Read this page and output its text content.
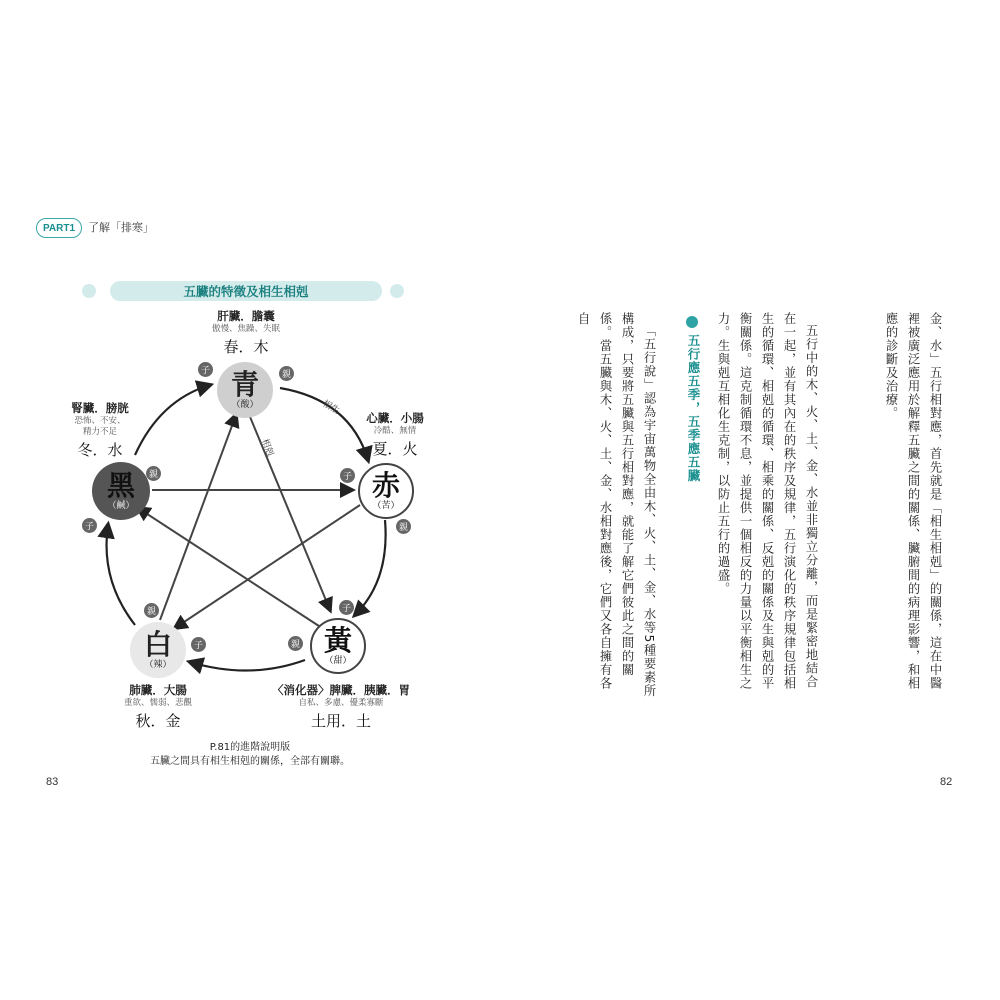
PART1	了解「排寒」
五臟的特徵及相生相剋
相生
相剋
肝臟．膽囊
傲慢、焦躁、失眠
春．木
青
（酸）
子	親
心臟．小腸
冷酷、無情
夏．火
赤
（苦）
子
親
黃
（甜）
子
親
〈消化器〉脾臟．胰臟．胃
自私、多慮、優柔寡斷
土用．土
白
（辣）
親
子
肺臟．大腸
重欲、懦弱、悲觀
秋．金
腎臟．膀胱
恐怖、不安、
精力不足
冬．水
黑
（鹹）
親
子
P.81的進階說明版
五臟之間具有相生相剋的關係，全部有關聯。
83
金、水」五行相對應，首先就是「相生相剋」的關係，這在中醫裡被廣泛應用於解釋五臟之間的關係、臟腑間的病理影響，和相應的診斷及治療。
五行中的木、火、土、金、水並非獨立分離，而是緊密地結合在一起，並有其內在的秩序及規律，五行演化的秩序規律包括相生的循環、相剋的循環、相乘的關係、反剋的關係及生與剋的平衡關係。這克制循環不息，並提供一個相反的力量以平衡相生之力。生與剋互相化生克制，以防止五行的過盛。
五行應五季，五季應五臟
「五行說」認為宇宙萬物全由木、火、土、金、水等5種要素所構成，只要將五臟與五行相對應，就能了解它們彼此之間的關係。當五臟與木、火、土、金、水相對應後，它們又各自擁有各自
82
